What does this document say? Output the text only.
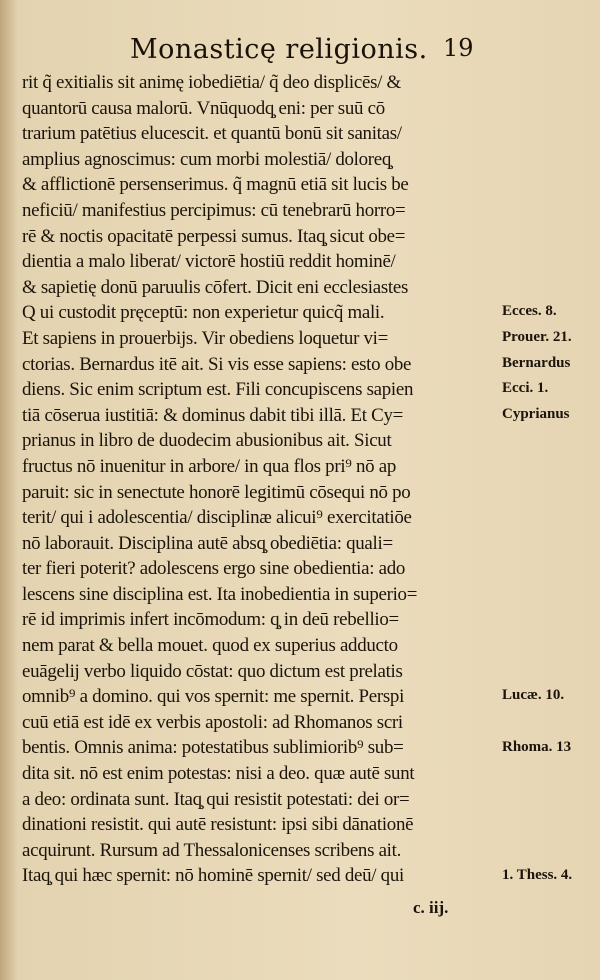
Monasticę religionis. 19
rit q̃ exitialis sit animę iobediētia/ q̃ deo displicēs/ &
quantorū causa malorū. Vnūquodq̧ eni: per suū cō
trarium patētius elucescit. et quantū bonū sit sanitas/
amplius agnoscimus: cum morbi molestiā/ doloreq̧
& afflictionē persenserimus. q̃ magnū etiā sit lucis be
neficiū/ manifestius percipimus: cū tenebrarū horro=
rē & noctis opacitatē perpessi sumus. Itaq̧ sicut obe=
dientia a malo liberat/ victorē hostiū reddit hominē/
& sapietię donū paruulis cōfert. Dicit eni ecclesiastes
Q ui custodit pręceptū: non experietur quicq̃ mali.
Et sapiens in prouerbijs. Vir obediens loquetur vi=
ctorias. Bernardus itē ait. Si vis esse sapiens: esto obe
diens. Sic enim scriptum est. Fili concupiscens sapien
tiā cōserua iustitiā: & dominus dabit tibi illā. Et Cy=
prianus in libro de duodecim abusionibus ait. Sicut
fructus nō inuenitur in arbore/ in qua flos pri⁹ nō ap
paruit: sic in senectute honorē legitimū cōsequi nō po
terit/ qui i adolescentia/ disciplinæ alicui⁹ exercitatiōe
nō laborauit. Disciplina autē absq̧ obediētia: quali=
ter fieri poterit? adolescens ergo sine obedientia: ado
lescens sine disciplina est. Ita inobedientia in superio=
rē id imprimis infert incōmodum: q̧ in deū rebellio=
nem parat & bella mouet. quod ex superius adducto
euāgelij verbo liquido cōstat: quo dictum est prelatis
omnib⁹ a domino. qui vos spernit: me spernit. Perspi
cuū etiā est idē ex verbis apostoli: ad Rhomanos scri
bentis. Omnis anima: potestatibus sublimiorib⁹ sub=
dita sit. nō est enim potestas: nisi a deo. quæ autē sunt
a deo: ordinata sunt. Itaq̧ qui resistit potestati: dei or=
dinationi resistit. qui autē resistunt: ipsi sibi dānationē
acquirunt. Rursum ad Thessalonicenses scribens ait.
Itaq̧ qui hæc spernit: nō hominē spernit/ sed deū/ qui
Ecces. 8.
Prouer. 21.
Bernardus
Ecci. 1.
Cyprianus
Lucæ. 10.
Rhoma. 13
1. Thess. 4.
c. iij.
